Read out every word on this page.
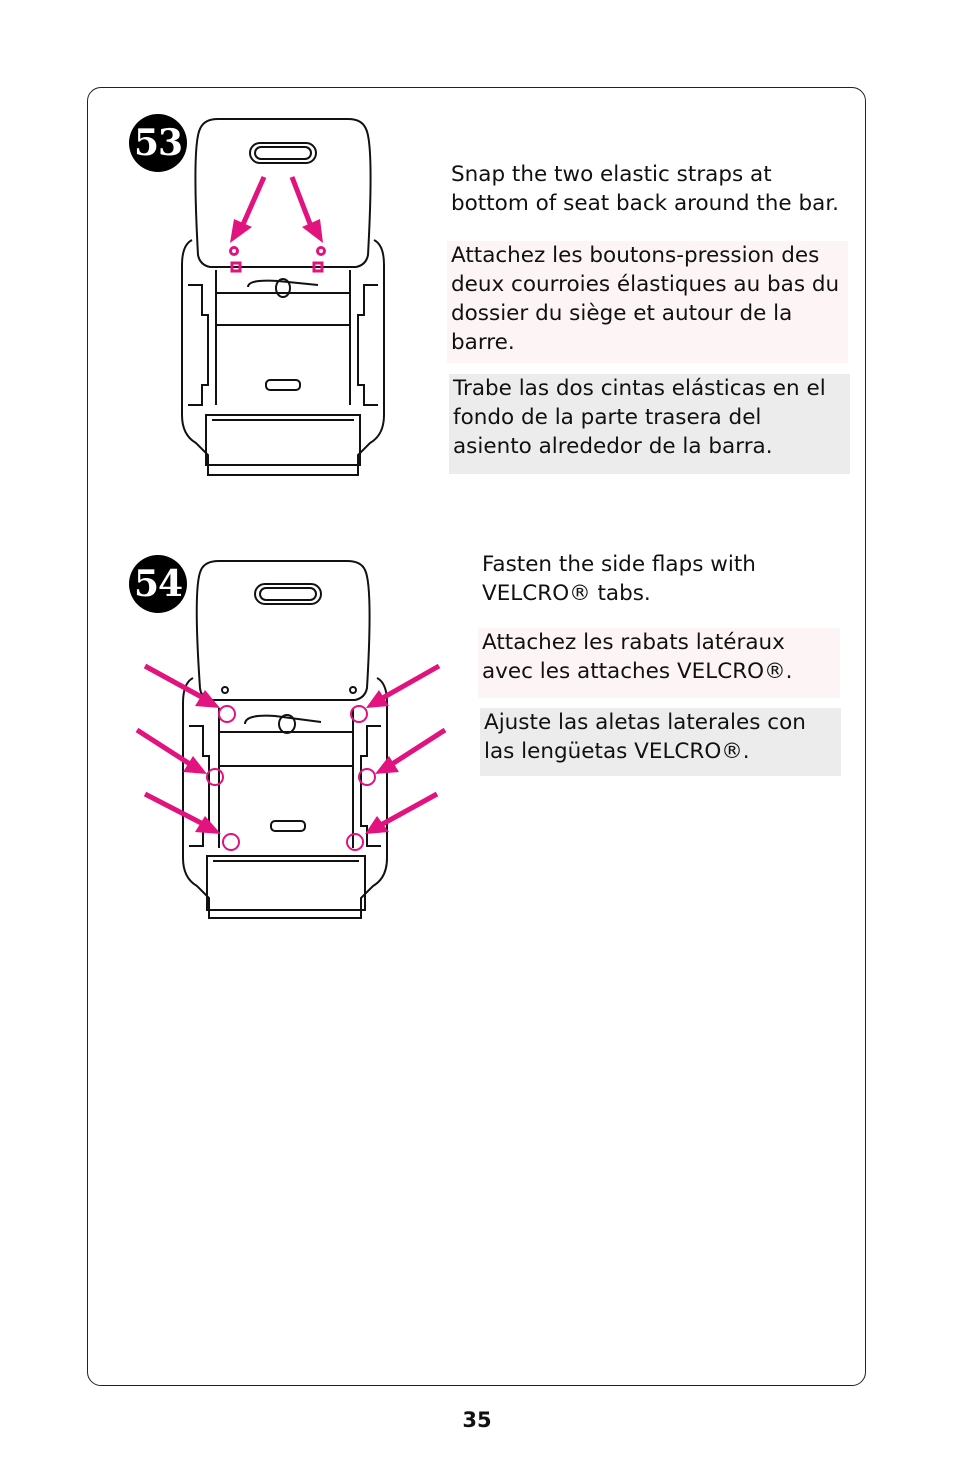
53
Snap the two elastic straps at bottom of seat back around the bar.
Attachez les boutons-pression des deux courroies élastiques au bas du dossier du siège et autour de la barre.
Trabe las dos cintas elásticas en el fondo de la parte trasera del asiento alrededor de la barra.
54	Fasten the side flaps with VELCRO® tabs.
Attachez les rabats latéraux avec les attaches VELCRO®.
Ajuste las aletas laterales con las lengüetas VELCRO®.
35
